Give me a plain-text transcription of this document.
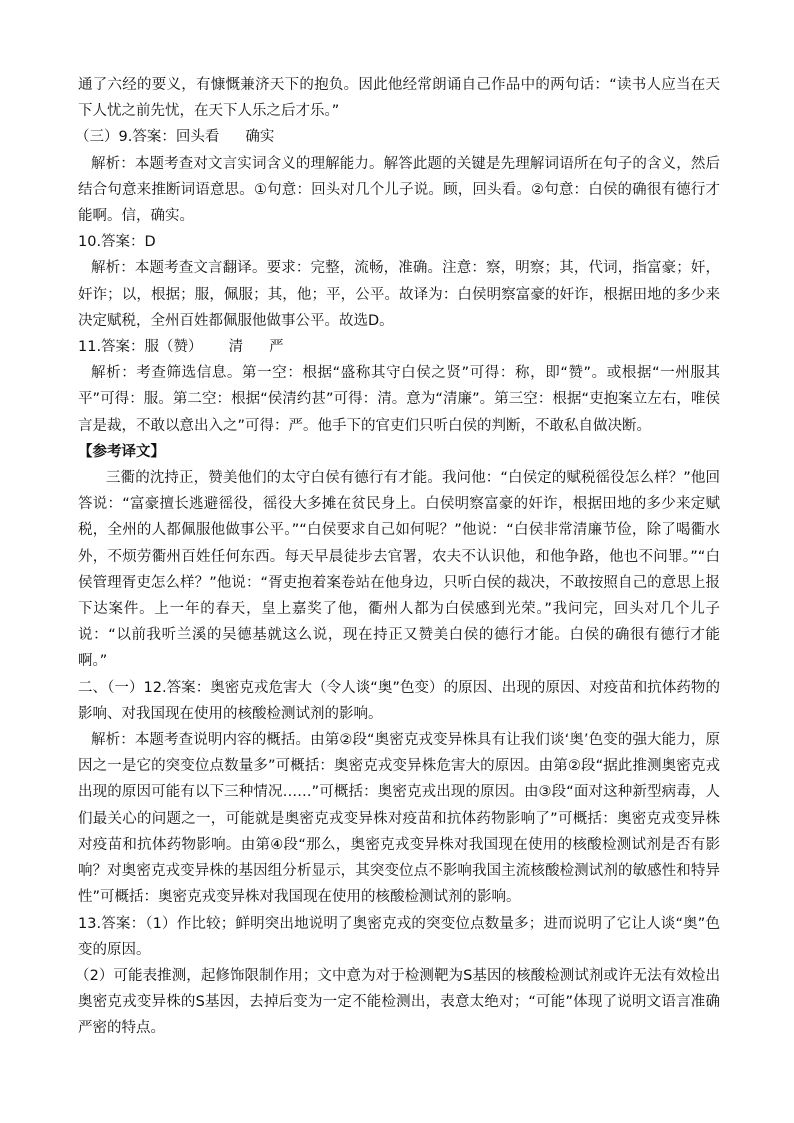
通了六经的要义，有慷慨兼济天下的抱负。因此他经常朗诵自己作品中的两句话：“读书人应当在天下人忧之前先忧，在天下人乐之后才乐。”

（三）9.答案：回头看 确实

解析：本题考查对文言实词含义的理解能力。解答此题的关键是先理解词语所在句子的含义，然后结合句意来推断词语意思。①句意：回头对几个儿子说。顾，回头看。②句意：白侯的确很有德行才能啊。信，确实。

10.答案：D

解析：本题考查文言翻译。要求：完整，流畅，准确。注意：察，明察；其，代词，指富豪；奸，奸诈；以，根据；服，佩服；其，他；平，公平。故译为：白侯明察富豪的奸诈，根据田地的多少来决定赋税，全州百姓都佩服他做事公平。故选D。

11.答案：服（赞） 清 严

解析：考查筛选信息。第一空：根据“盛称其守白侯之贤”可得：称，即“赞”。或根据“一州服其平”可得：服。第二空：根据“侯清约甚”可得：清。意为“清廉”。第三空：根据“吏抱案立左右，唯侯言是裁，不敢以意出入之”可得：严。他手下的官吏们只听白侯的判断，不敢私自做决断。

【参考译文】

三衢的沈持正，赞美他们的太守白侯有德行有才能。我问他：“白侯定的赋税徭役怎么样？”他回答说：“富豪擅长逃避徭役，徭役大多摊在贫民身上。白侯明察富豪的奸诈，根据田地的多少来定赋税，全州的人都佩服他做事公平。”“白侯要求自己如何呢？”他说：“白侯非常清廉节俭，除了喝衢水外，不烦劳衢州百姓任何东西。每天早晨徒步去官署，农夫不认识他，和他争路，他也不问罪。”“白侯管理胥吏怎么样？”他说：“胥吏抱着案卷站在他身边，只听白侯的裁决，不敢按照自己的意思上报下达案件。上一年的春天，皇上嘉奖了他，衢州人都为白侯感到光荣。”我问完，回头对几个儿子说：“以前我听兰溪的吴德基就这么说，现在持正又赞美白侯的德行才能。白侯的确很有德行才能啊。”

二、（一）12.答案：奥密克戎危害大（令人谈“奥”色变）的原因、出现的原因、对疫苗和抗体药物的影响、对我国现在使用的核酸检测试剂的影响。

解析：本题考查说明内容的概括。由第②段“奥密克戎变异株具有让我们谈‘奥’色变的强大能力，原因之一是它的突变位点数量多”可概括：奥密克戎变异株危害大的原因。由第②段“据此推测奥密克戎出现的原因可能有以下三种情况……”可概括：奥密克戎出现的原因。由③段“面对这种新型病毒，人们最关心的问题之一，可能就是奥密克戎变异株对疫苗和抗体药物影响了”可概括：奥密克戎变异株对疫苗和抗体药物影响。由第④段“那么，奥密克戎变异株对我国现在使用的核酸检测试剂是否有影响？对奥密克戎变异株的基因组分析显示，其突变位点不影响我国主流核酸检测试剂的敏感性和特异性”可概括：奥密克戎变异株对我国现在使用的核酸检测试剂的影响。

13.答案：（1）作比较；鲜明突出地说明了奥密克戎的突变位点数量多；进而说明了它让人谈“奥”色变的原因。

（2）可能表推测，起修饰限制作用；文中意为对于检测靶为S基因的核酸检测试剂或许无法有效检出奥密克戎变异株的S基因，去掉后变为一定不能检测出，表意太绝对；“可能”体现了说明文语言准确严密的特点。
